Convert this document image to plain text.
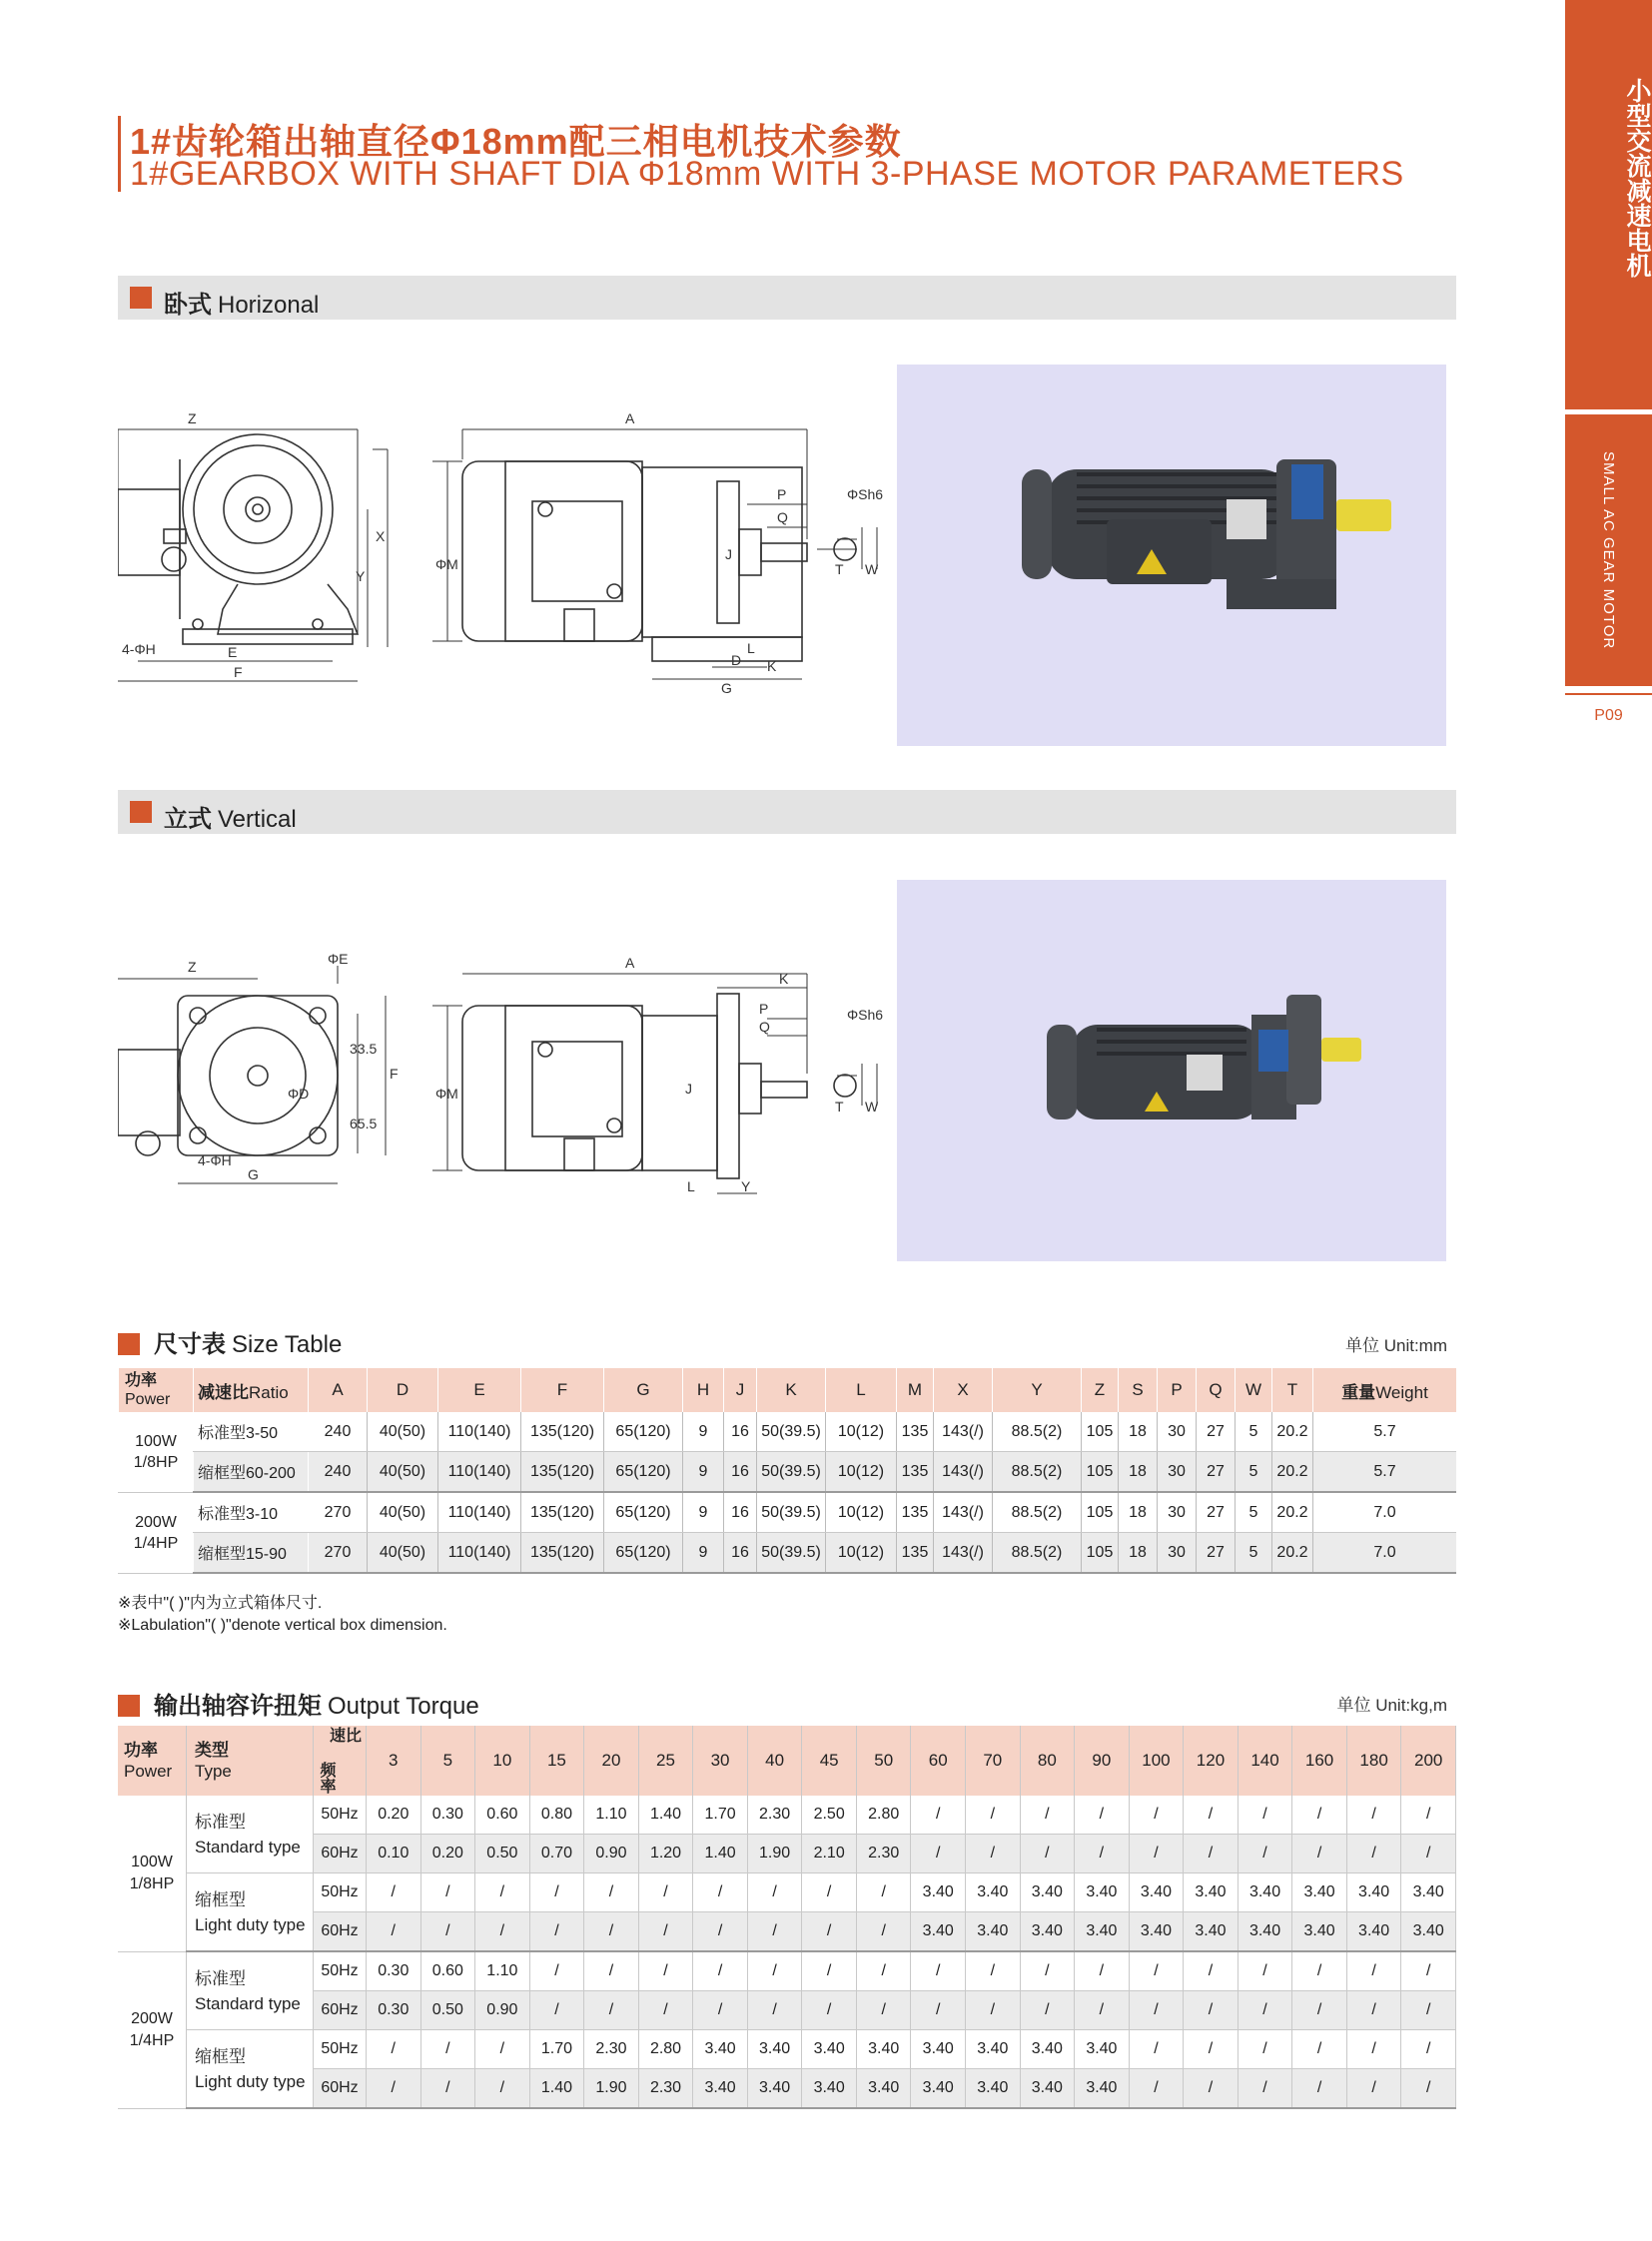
小型交流减速电机
SMALL AC GEAR MOTOR
P09
1#齿轮箱出轴直径Φ18mm配三相电机技术参数
1#GEARBOX WITH SHAFT DIA Φ18mm WITH 3-PHASE MOTOR PARAMETERS
卧式 Horizonal
Z
X
Y
E
F
4-ΦH
A
P
Q
ΦM
J
L
D
G
K
ΦSh6
T W
立式 Vertical
Z	ΦE
ΦD
33.5
65.5
F
G
4-ΦH
A
K
P
Q
ΦM	J
L	Y
ΦSh6
T W
尺寸表 Size Table	单位 Unit:mm
功率
Power	减速比Ratio	A	D	E	F	G	H	J	K	L	M	X	Y	Z	S	P	Q	W	T	重量Weight
100W
1/8HP	标准型3-50	240	40(50)	110(140)	135(120)	65(120)	9	16	50(39.5)	10(12)	135	143(/)	88.5(2)	105	18	30	27	5	20.2	5.7
	缩框型60-200	240	40(50)	110(140)	135(120)	65(120)	9	16	50(39.5)	10(12)	135	143(/)	88.5(2)	105	18	30	27	5	20.2	5.7
200W
1/4HP	标准型3-10	270	40(50)	110(140)	135(120)	65(120)	9	16	50(39.5)	10(12)	135	143(/)	88.5(2)	105	18	30	27	5	20.2	7.0
	缩框型15-90	270	40(50)	110(140)	135(120)	65(120)	9	16	50(39.5)	10(12)	135	143(/)	88.5(2)	105	18	30	27	5	20.2	7.0
※表中"( )"内为立式箱体尺寸.
※Labulation"( )"denote vertical box dimension.
输出轴容许扭矩 Output Torque	单位 Unit:kg,m
功率
Power	类型
Type	速比
频率	3	5	10	15	20	25	30	40	45	50	60	70	80	90	100	120	140	160	180	200
100W
1/8HP	标准型
Standard type	50Hz	0.20	0.30	0.60	0.80	1.10	1.40	1.70	2.30	2.50	2.80	/	/	/	/	/	/	/	/	/	/
		60Hz	0.10	0.20	0.50	0.70	0.90	1.20	1.40	1.90	2.10	2.30	/	/	/	/	/	/	/	/	/	/
	缩框型
Light duty type	50Hz	/	/	/	/	/	/	/	/	/	/	3.40	3.40	3.40	3.40	3.40	3.40	3.40	3.40	3.40	3.40
		60Hz	/	/	/	/	/	/	/	/	/	/	3.40	3.40	3.40	3.40	3.40	3.40	3.40	3.40	3.40	3.40
200W
1/4HP	标准型
Standard type	50Hz	0.30	0.60	1.10	/	/	/	/	/	/	/	/	/	/	/	/	/	/	/	/	/
		60Hz	0.30	0.50	0.90	/	/	/	/	/	/	/	/	/	/	/	/	/	/	/	/	/
	缩框型
Light duty type	50Hz	/	/	/	1.70	2.30	2.80	3.40	3.40	3.40	3.40	3.40	3.40	3.40	3.40	/	/	/	/	/	/
		60Hz	/	/	/	1.40	1.90	2.30	3.40	3.40	3.40	3.40	3.40	3.40	3.40	3.40	/	/	/	/	/	/
